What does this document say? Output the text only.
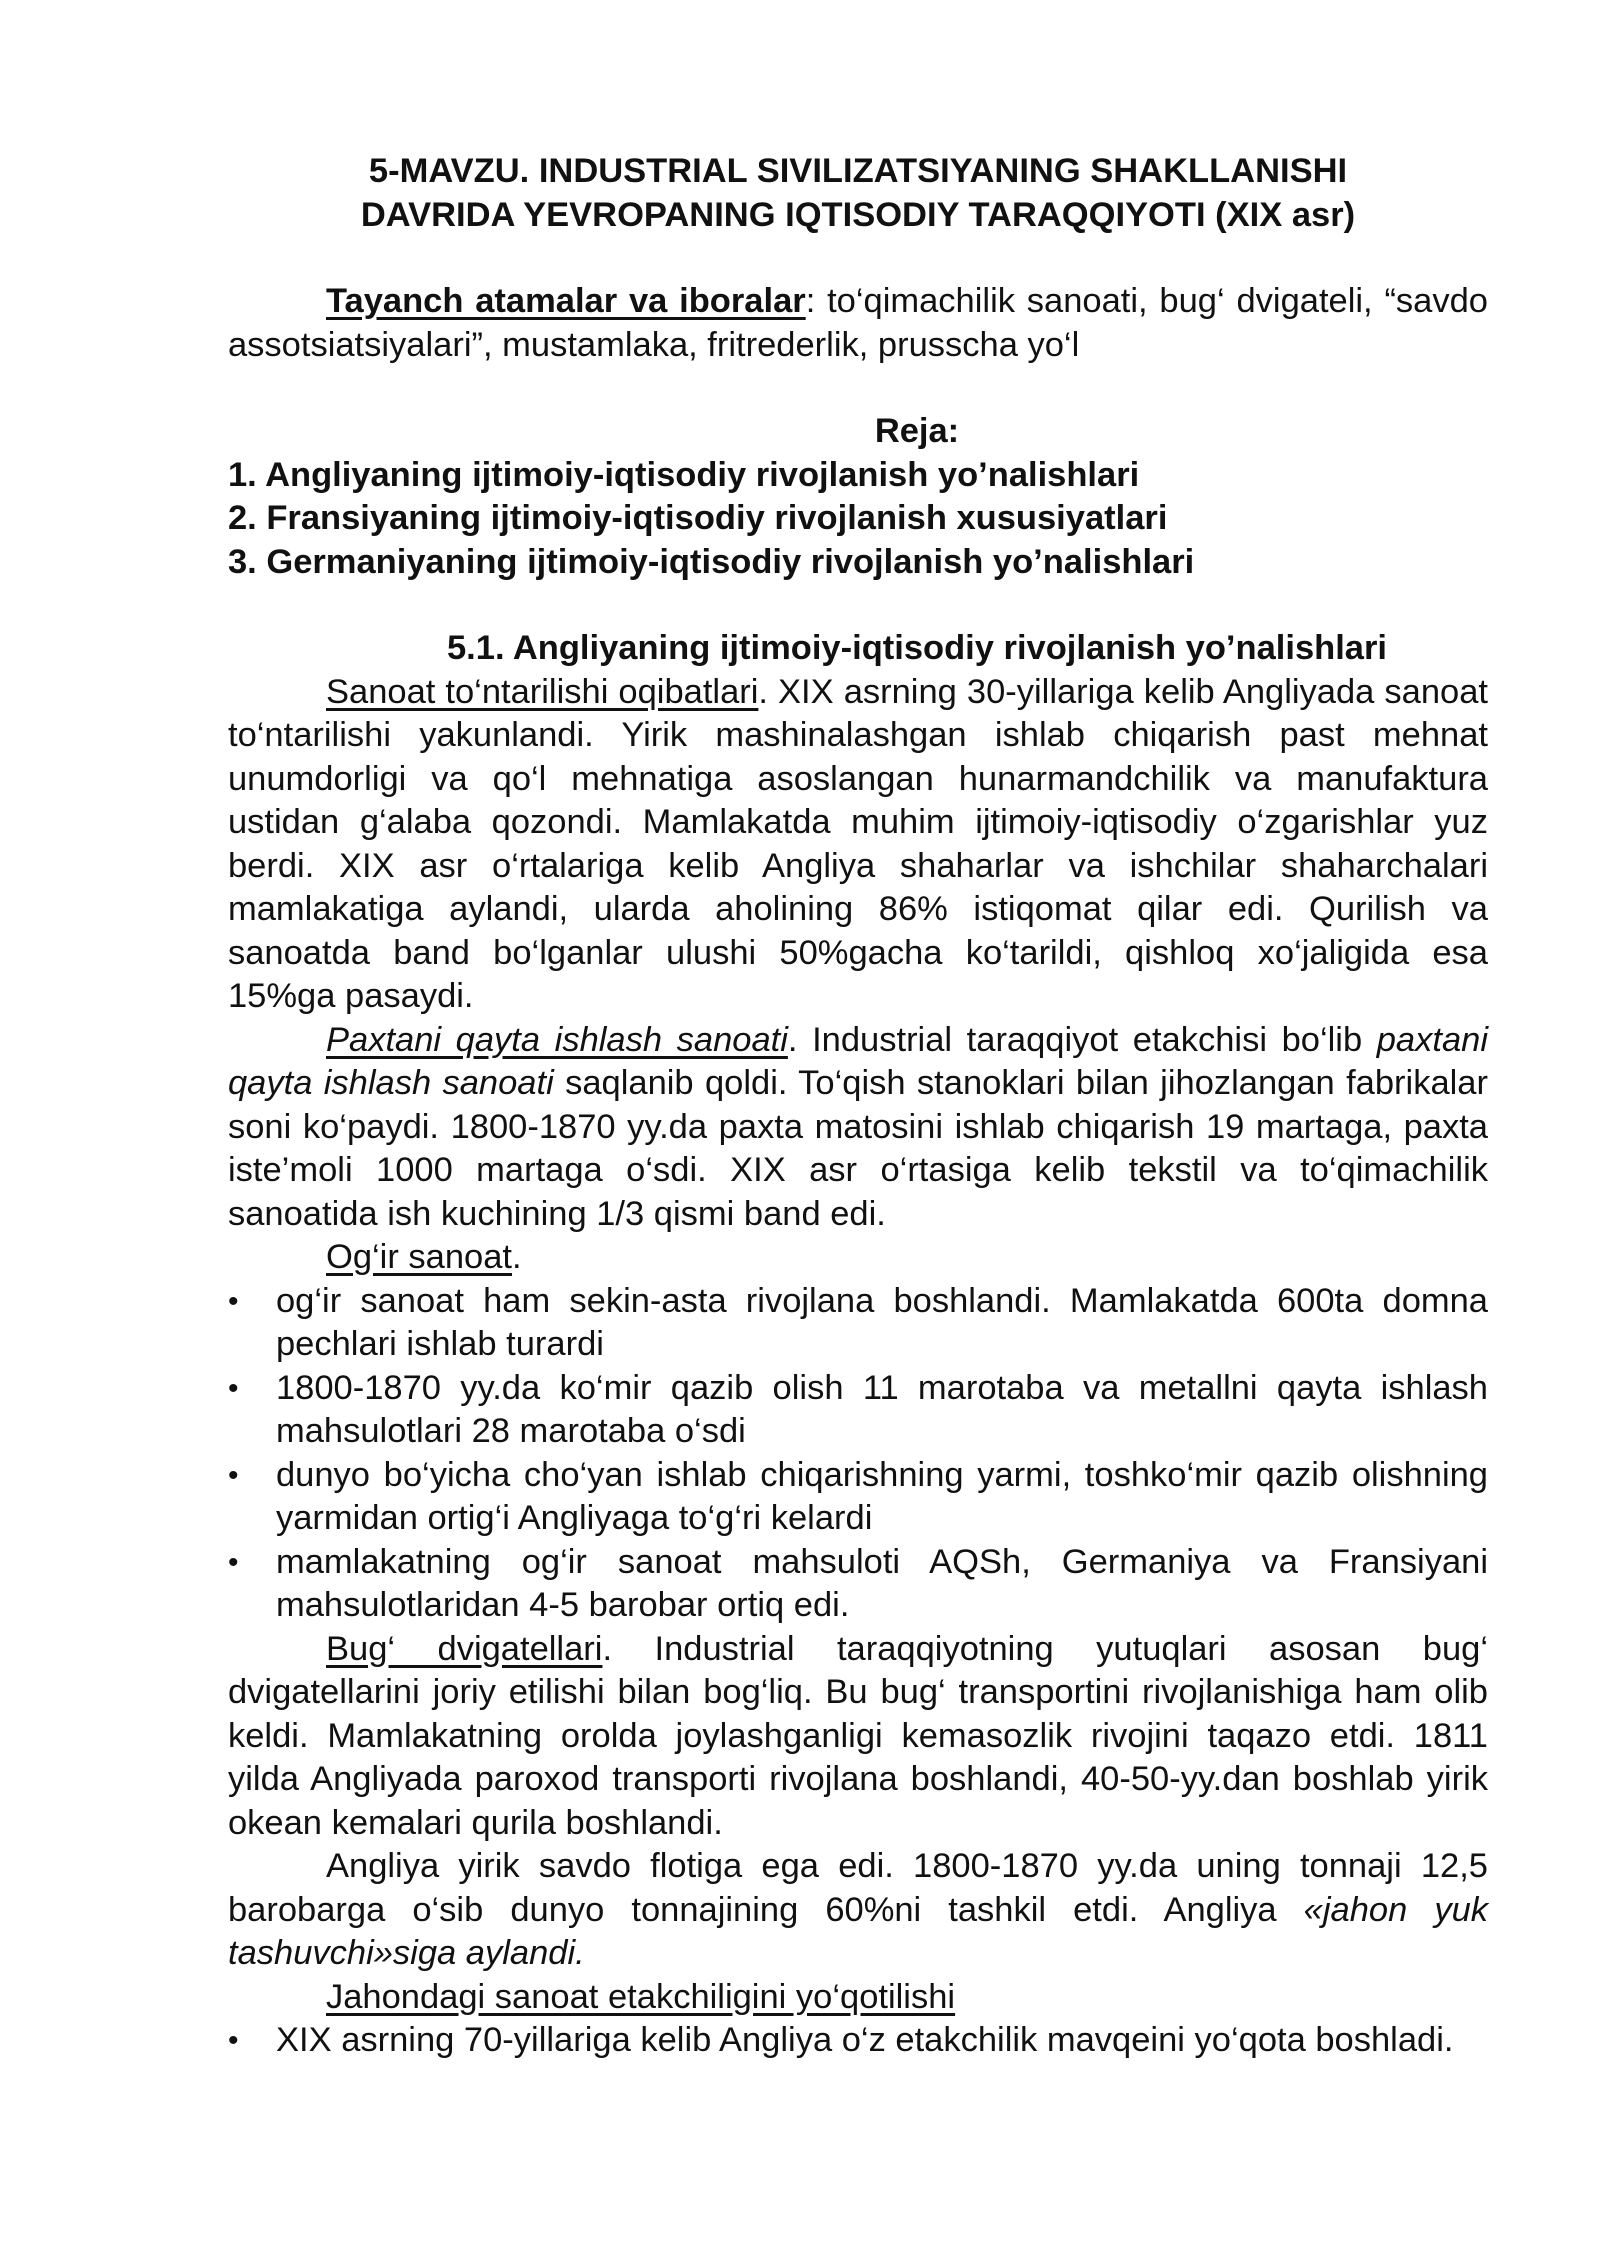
5-MAVZU. INDUSTRIAL SIVILIZATSIYANING SHAKLLANISHI
DAVRIDA YEVROPANING IQTISODIY TARAQQIYOTI (XIX asr)

Tayanch atamalar va iboralar: to‘qimachilik sanoati, bug‘ dvigateli, “savdo assotsiatsiyalari”, mustamlaka, fritrederlik, prusscha yo‘l

Reja:
1. Angliyaning ijtimoiy-iqtisodiy rivojlanish yo’nalishlari
2. Fransiyaning ijtimoiy-iqtisodiy rivojlanish xususiyatlari
3. Germaniyaning ijtimoiy-iqtisodiy rivojlanish yo’nalishlari
5.1. Angliyaning ijtimoiy-iqtisodiy rivojlanish yo’nalishlari

Sanoat to‘ntarilishi oqibatlari. XIX asrning 30-yillariga kelib Angliyada sanoat to‘ntarilishi yakunlandi. Yirik mashinalashgan ishlab chiqarish past mehnat unumdorligi va qo‘l mehnatiga asoslangan hunarmandchilik va manufaktura ustidan g‘alaba qozondi. Mamlakatda muhim ijtimoiy-iqtisodiy o‘zgarishlar yuz berdi. XIX asr o‘rtalariga kelib Angliya shaharlar va ishchilar shaharchalari mamlakatiga aylandi, ularda aholining 86% istiqomat qilar edi. Qurilish va sanoatda band bo‘lganlar ulushi 50%gacha ko‘tarildi, qishloq xo‘jaligida esa 15%ga pasaydi.

Paxtani qayta ishlash sanoati. Industrial taraqqiyot etakchisi bo‘lib paxtani qayta ishlash sanoati saqlanib qoldi. To‘qish stanoklari bilan jihozlangan fabrikalar soni ko‘paydi. 1800-1870 yy.da paxta matosini ishlab chiqarish 19 martaga, paxta iste’moli 1000 martaga o‘sdi. XIX asr o‘rtasiga kelib tekstil va to‘qimachilik sanoatida ish kuchining 1/3 qismi band edi.

Og‘ir sanoat.

•	og‘ir sanoat ham sekin-asta rivojlana boshlandi. Mamlakatda 600ta domna pechlari ishlab turardi
•	1800-1870 yy.da ko‘mir qazib olish 11 marotaba va metallni qayta ishlash mahsulotlari 28 marotaba o‘sdi
•	dunyo bo‘yicha cho‘yan ishlab chiqarishning yarmi, toshko‘mir qazib olishning yarmidan ortig‘i Angliyaga to‘g‘ri kelardi
•	mamlakatning og‘ir sanoat mahsuloti AQSh, Germaniya va Fransiyani mahsulotlaridan 4-5 barobar ortiq edi.

Bug‘ dvigatellari. Industrial taraqqiyotning yutuqlari asosan bug‘ dvigatellarini joriy etilishi bilan bog‘liq. Bu bug‘ transportini rivojlanishiga ham olib keldi. Mamlakatning orolda joylashganligi kemasozlik rivojini taqazo etdi. 1811 yilda Angliyada paroxod transporti rivojlana boshlandi, 40-50-yy.dan boshlab yirik okean kemalari qurila boshlandi.

Angliya yirik savdo flotiga ega edi. 1800-1870 yy.da uning tonnaji 12,5 barobarga o‘sib dunyo tonnajining 60%ni tashkil etdi. Angliya «jahon yuk tashuvchi»siga aylandi.

Jahondagi sanoat etakchiligini yo‘qotilishi

•	XIX asrning 70-yillariga kelib Angliya o‘z etakchilik mavqeini yo‘qota boshladi.
